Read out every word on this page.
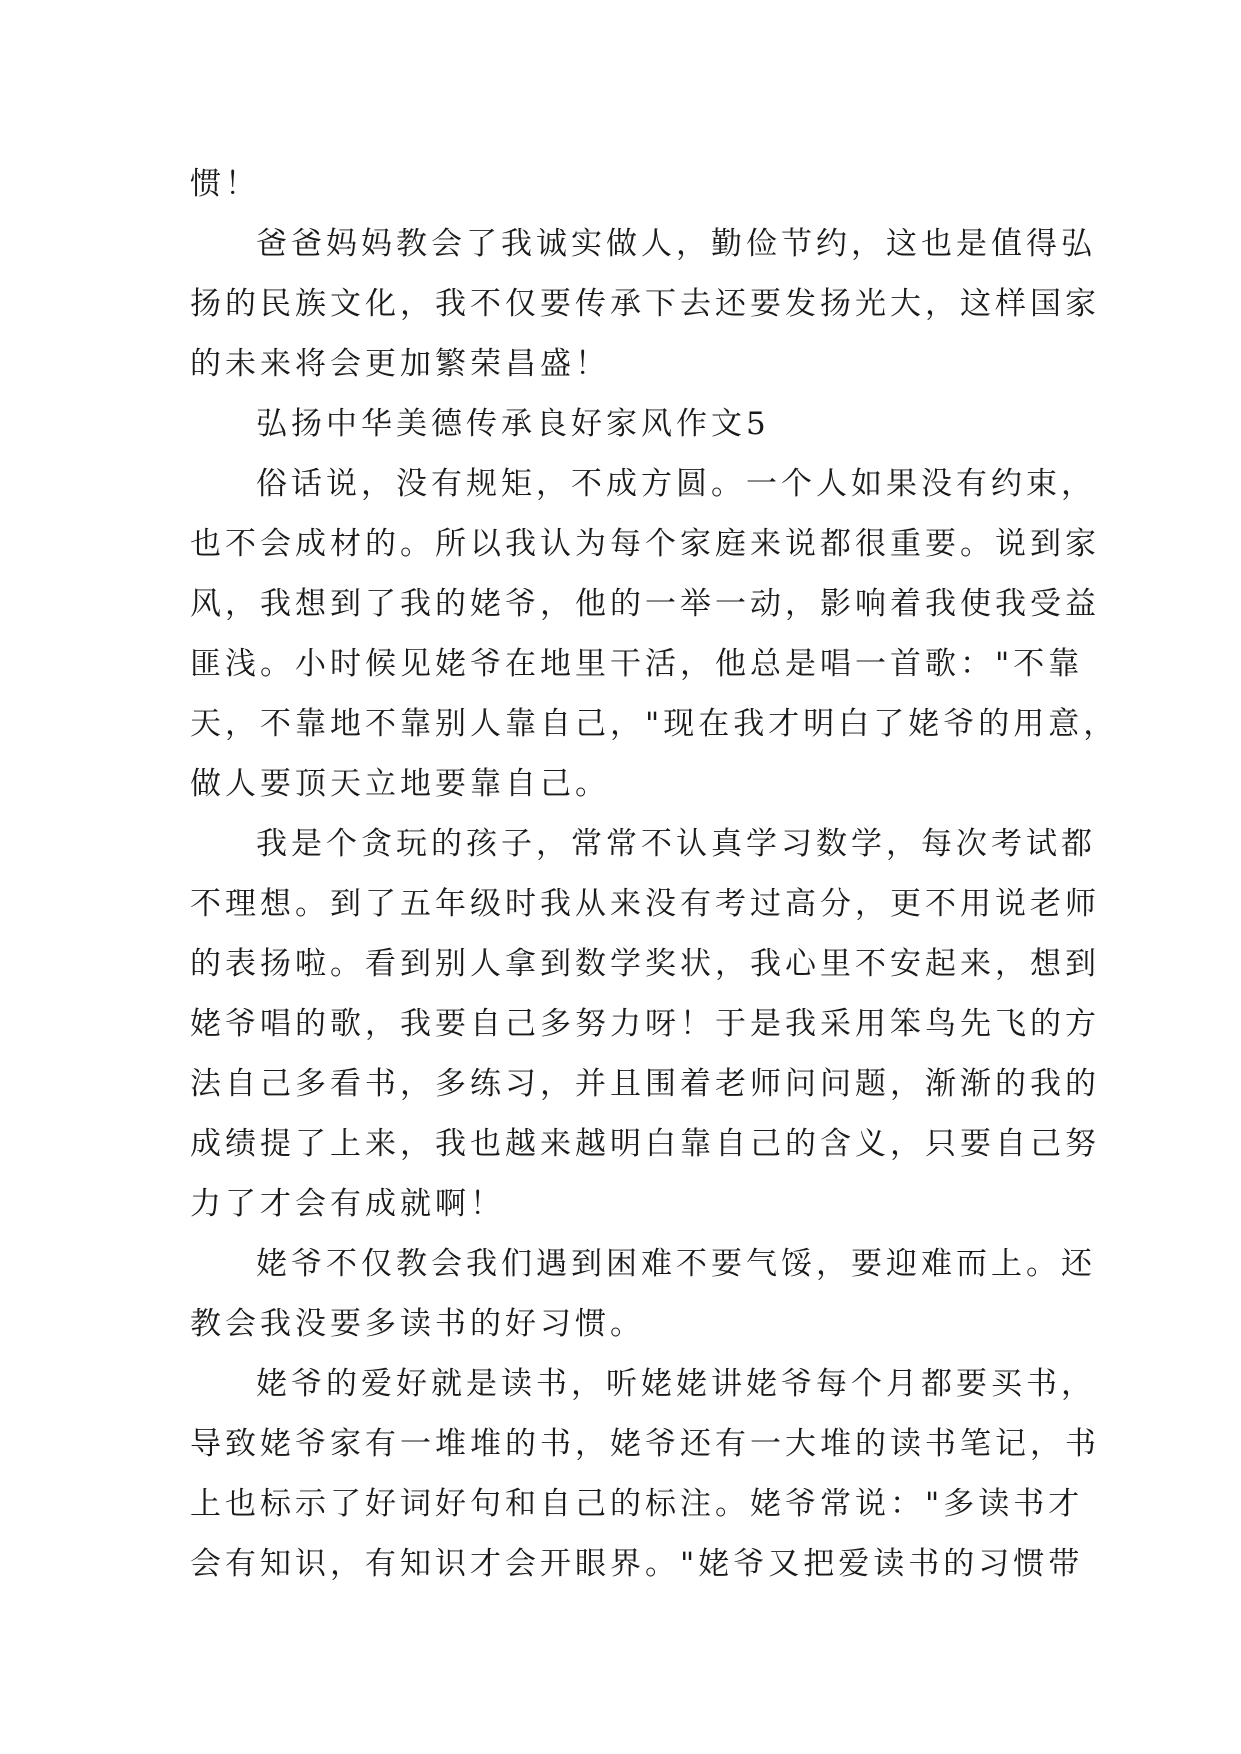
惯！
爸爸妈妈教会了我诚实做人，勤俭节约，这也是值得弘
扬的民族文化，我不仅要传承下去还要发扬光大，这样国家
的未来将会更加繁荣昌盛！
弘扬中华美德传承良好家风作文5
俗话说，没有规矩，不成方圆。一个人如果没有约束，
也不会成材的。所以我认为每个家庭来说都很重要。说到家
风，我想到了我的姥爷，他的一举一动，影响着我使我受益
匪浅。小时候见姥爷在地里干活，他总是唱一首歌："不靠
天，不靠地不靠别人靠自己，"现在我才明白了姥爷的用意，
做人要顶天立地要靠自己。
我是个贪玩的孩子，常常不认真学习数学，每次考试都
不理想。到了五年级时我从来没有考过高分，更不用说老师
的表扬啦。看到别人拿到数学奖状，我心里不安起来，想到
姥爷唱的歌，我要自己多努力呀！于是我采用笨鸟先飞的方
法自己多看书，多练习，并且围着老师问问题，渐渐的我的
成绩提了上来，我也越来越明白靠自己的含义，只要自己努
力了才会有成就啊！
姥爷不仅教会我们遇到困难不要气馁，要迎难而上。还
教会我没要多读书的好习惯。
姥爷的爱好就是读书，听姥姥讲姥爷每个月都要买书，
导致姥爷家有一堆堆的书，姥爷还有一大堆的读书笔记，书
上也标示了好词好句和自己的标注。姥爷常说："多读书才
会有知识，有知识才会开眼界。"姥爷又把爱读书的习惯带
